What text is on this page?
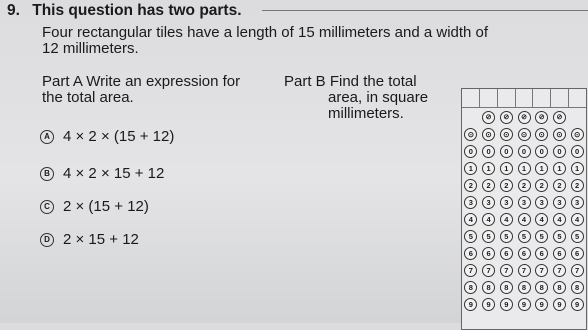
9. This question has two parts.
Four rectangular tiles have a length of 15 millimeters and a width of
12 millimeters.
Part A Write an expression for
the total area.
Part B Find the total
area, in square
millimeters.
A 4 × 2 × (15 + 12)
B 4 × 2 × 15 + 12
C 2 × (15 + 12)
D 2 × 15 + 12
⊙
0
1
2
3
4
5
6
7
8
9
⊘
⊙
0
1
2
3
4
5
6
7
8
9
⊘
⊙
0
1
2
3
4
5
6
7
8
9
⊘
⊙
0
1
2
3
4
5
6
7
8
9
⊘
⊙
0
1
2
3
4
5
6
7
8
9
⊘
⊙
0
1
2
3
4
5
6
7
8
9
⊙
0
1
2
3
4
5
6
7
8
9
